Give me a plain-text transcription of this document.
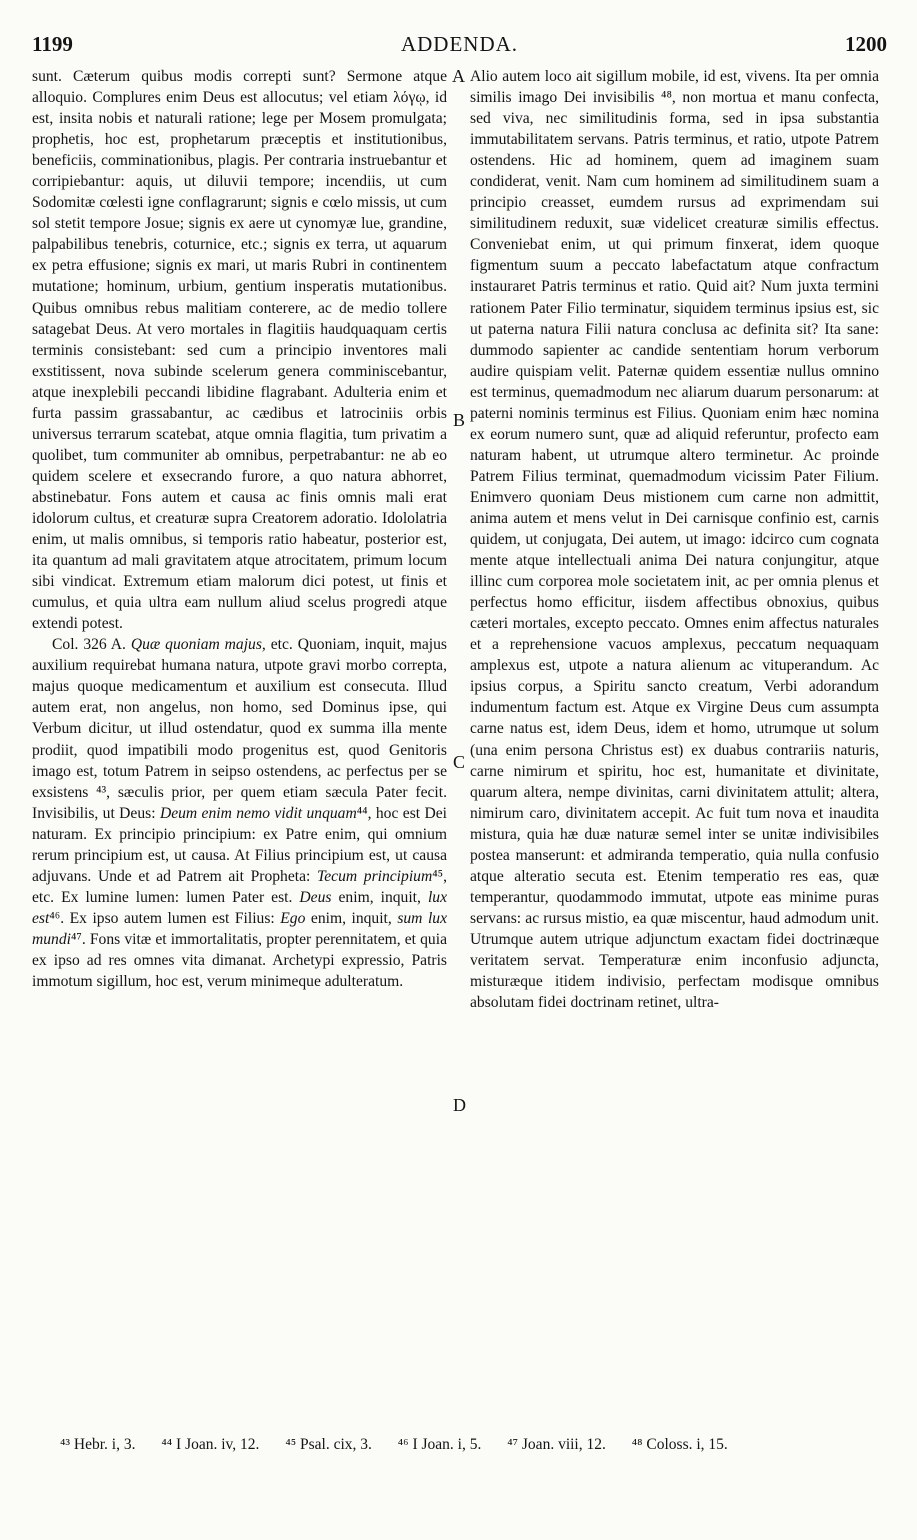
1199	ADDENDA.	1200

sunt. Cæterum quibus modis correpti sunt? Sermone atque alloquio. Complures enim Deus est allocutus; vel etiam λόγῳ, id est, insita nobis et naturali ratione; lege per Mosem promulgata; prophetis, hoc est, prophetarum præceptis et institutionibus, beneficiis, comminationibus, plagis. Per contraria instruebantur et corripiebantur: aquis, ut diluvii tempore; incendiis, ut cum Sodomitæ cœlesti igne conflagrarunt; signis e cœlo missis, ut cum sol stetit tempore Josue; signis ex aere ut cynomyæ lue, grandine, palpabilibus tenebris, coturnice, etc.; signis ex terra, ut aquarum ex petra effusione; signis ex mari, ut maris Rubri in continentem mutatione; hominum, urbium, gentium insperatis mutationibus. Quibus omnibus rebus malitiam conterere, ac de medio tollere satagebat Deus. At vero mortales in flagitiis haudquaquam certis terminis consistebant: sed cum a principio inventores mali exstitissent, nova subinde scelerum genera comminiscebantur, atque inexplebili peccandi libidine flagrabant. Adulteria enim et furta passim grassabantur, ac cædibus et latrociniis orbis universus terrarum scatebat, atque omnia flagitia, tum privatim a quolibet, tum communiter ab omnibus, perpetrabantur: ne ab eo quidem scelere et exsecrando furore, a quo natura abhorret, abstinebatur. Fons autem et causa ac finis omnis mali erat idolorum cultus, et creaturæ supra Creatorem adoratio. Idololatria enim, ut malis omnibus, si temporis ratio habeatur, posterior est, ita quantum ad mali gravitatem atque atrocitatem, primum locum sibi vindicat. Extremum etiam malorum dici potest, ut finis et cumulus, et quia ultra eam nullum aliud scelus progredi atque extendi potest.

Col. 326 A. Quæ quoniam majus, etc. Quoniam, inquit, majus auxilium requirebat humana natura, utpote gravi morbo correpta, majus quoque medicamentum et auxilium est consecuta. Illud autem erat, non angelus, non homo, sed Dominus ipse, qui Verbum dicitur, ut illud ostendatur, quod ex summa illa mente prodiit, quod impatibili modo progenitus est, quod Genitoris imago est, totum Patrem in seipso ostendens, ac perfectus per se exsistens ⁴³, sæculis prior, per quem etiam sæcula Pater fecit. Invisibilis, ut Deus: Deum enim nemo vidit unquam⁴⁴, hoc est Dei naturam. Ex principio principium: ex Patre enim, qui omnium rerum principium est, ut causa. At Filius principium est, ut causa adjuvans. Unde et ad Patrem ait Propheta: Tecum principium⁴⁵, etc. Ex lumine lumen: lumen Pater est. Deus enim, inquit, lux est⁴⁶. Ex ipso autem lumen est Filius: Ego enim, inquit, sum lux mundi⁴⁷. Fons vitæ et immortalitatis, propter perennitatem, et quia ex ipso ad res omnes vita dimanat. Archetypi expressio, Patris immotum sigillum, hoc est, verum minimeque adulteratum.

A
B
C
D

Alio autem loco ait sigillum mobile, id est, vivens. Ita per omnia similis imago Dei invisibilis ⁴⁸, non mortua et manu confecta, sed viva, nec similitudinis forma, sed in ipsa substantia immutabilitatem servans. Patris terminus, et ratio, utpote Patrem ostendens. Hic ad hominem, quem ad imaginem suam condiderat, venit. Nam cum hominem ad similitudinem suam a principio creasset, eumdem rursus ad exprimendam sui similitudinem reduxit, suæ videlicet creaturæ similis effectus. Conveniebat enim, ut qui primum finxerat, idem quoque figmentum suum a peccato labefactatum atque confractum instauraret Patris terminus et ratio. Quid ait? Num juxta termini rationem Pater Filio terminatur, siquidem terminus ipsius est, sic ut paterna natura Filii natura conclusa ac definita sit? Ita sane: dummodo sapienter ac candide sententiam horum verborum audire quispiam velit. Paternæ quidem essentiæ nullus omnino est terminus, quemadmodum nec aliarum duarum personarum: at paterni nominis terminus est Filius. Quoniam enim hæc nomina ex eorum numero sunt, quæ ad aliquid referuntur, profecto eam naturam habent, ut utrumque altero terminetur. Ac proinde Patrem Filius terminat, quemadmodum vicissim Pater Filium. Enimvero quoniam Deus mistionem cum carne non admittit, anima autem et mens velut in Dei carnisque confinio est, carnis quidem, ut conjugata, Dei autem, ut imago: idcirco cum cognata mente atque intellectuali anima Dei natura conjungitur, atque illinc cum corporea mole societatem init, ac per omnia plenus et perfectus homo efficitur, iisdem affectibus obnoxius, quibus cæteri mortales, excepto peccato. Omnes enim affectus naturales et a reprehensione vacuos amplexus, peccatum nequaquam amplexus est, utpote a natura alienum ac vituperandum. Ac ipsius corpus, a Spiritu sancto creatum, Verbi adorandum indumentum factum est. Atque ex Virgine Deus cum assumpta carne natus est, idem Deus, idem et homo, utrumque ut solum (una enim persona Christus est) ex duabus contrariis naturis, carne nimirum et spiritu, hoc est, humanitate et divinitate, quarum altera, nempe divinitas, carni divinitatem attulit; altera, nimirum caro, divinitatem accepit. Ac fuit tum nova et inaudita mistura, quia hæ duæ naturæ semel inter se unitæ indivisibiles postea manserunt: et admiranda temperatio, quia nulla confusio atque alteratio secuta est. Etenim temperatio res eas, quæ temperantur, quodammodo immutat, utpote eas minime puras servans: ac rursus mistio, ea quæ miscentur, haud admodum unit. Utrumque autem utrique adjunctum exactam fidei doctrinæque veritatem servat. Temperaturæ enim inconfusio adjuncta, misturæque itidem indivisio, perfectam modisque omnibus absolutam fidei doctrinam retinet, ultra-

⁴³ Hebr. i, 3. ⁴⁴ I Joan. iv, 12. ⁴⁵ Psal. cix, 3. ⁴⁶ I Joan. i, 5. ⁴⁷ Joan. viii, 12. ⁴⁸ Coloss. i, 15.
